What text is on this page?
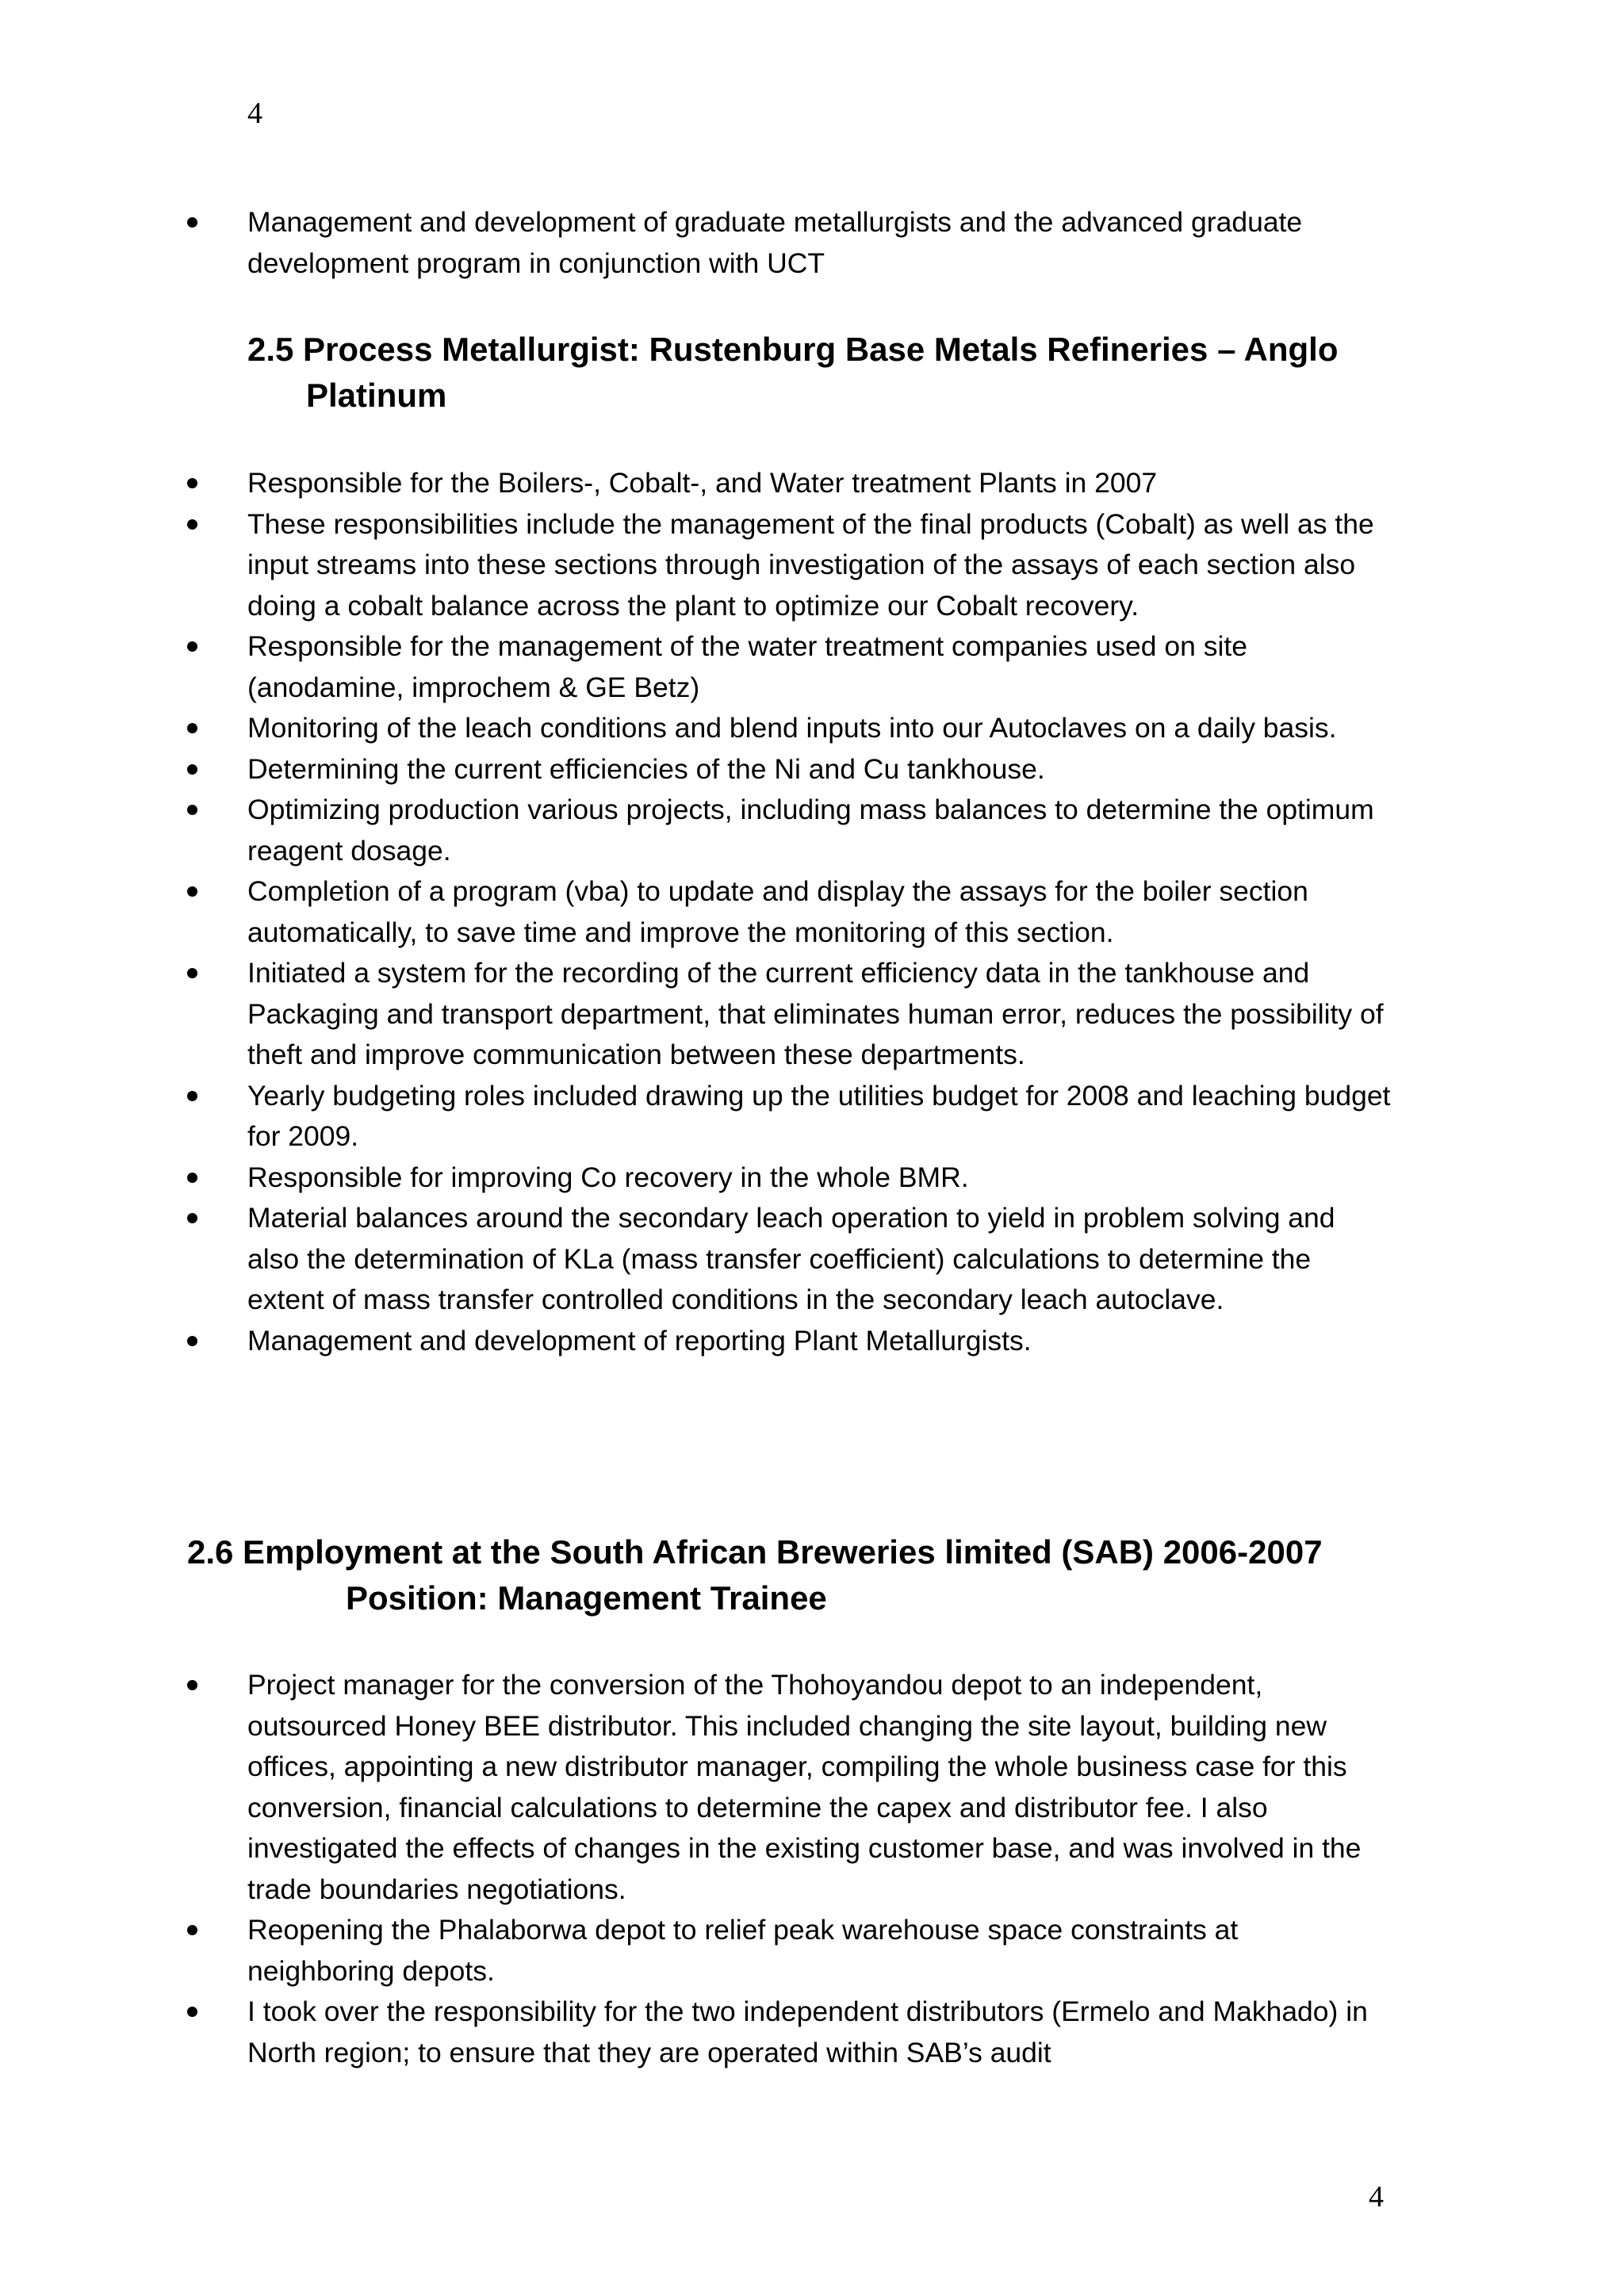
4
Management and development of graduate metallurgists and the advanced graduate development program in conjunction with UCT
2.5 Process Metallurgist: Rustenburg Base Metals Refineries – Anglo
Platinum
Responsible for the Boilers-, Cobalt-, and Water treatment Plants in 2007
These responsibilities include the management of the final products (Cobalt) as well as the input streams into these sections through investigation of the assays of each section also doing a cobalt balance across the plant to optimize our Cobalt recovery.
Responsible for the management of the water treatment companies used on site (anodamine, improchem & GE Betz)
Monitoring of the leach conditions and blend inputs into our Autoclaves on a daily basis.
Determining the current efficiencies of the Ni and Cu tankhouse.
Optimizing production various projects, including mass balances to determine the optimum reagent dosage.
Completion of a program (vba) to update and display the assays for the boiler section automatically, to save time and improve the monitoring of this section.
Initiated a system for the recording of the current efficiency data in the tankhouse and Packaging and transport department, that eliminates human error, reduces the possibility of theft and improve communication between these departments.
Yearly budgeting roles included drawing up the utilities budget for 2008 and leaching budget for 2009.
Responsible for improving Co recovery in the whole BMR.
Material balances around the secondary leach operation to yield in problem solving and also the determination of KLa (mass transfer coefficient) calculations to determine the extent of mass transfer controlled conditions in the secondary leach autoclave.
Management and development of reporting Plant Metallurgists.
2.6 Employment at the South African Breweries limited (SAB) 2006-2007
Position: Management Trainee
Project manager for the conversion of the Thohoyandou depot to an independent, outsourced Honey BEE distributor. This included changing the site layout, building new offices, appointing a new distributor manager, compiling the whole business case for this conversion, financial calculations to determine the capex and distributor fee. I also investigated the effects of changes in the existing customer base, and was involved in the trade boundaries negotiations.
Reopening the Phalaborwa depot to relief peak warehouse space constraints at neighboring depots.
I took over the responsibility for the two independent distributors (Ermelo and Makhado) in North region; to ensure that they are operated within SAB’s audit
4
